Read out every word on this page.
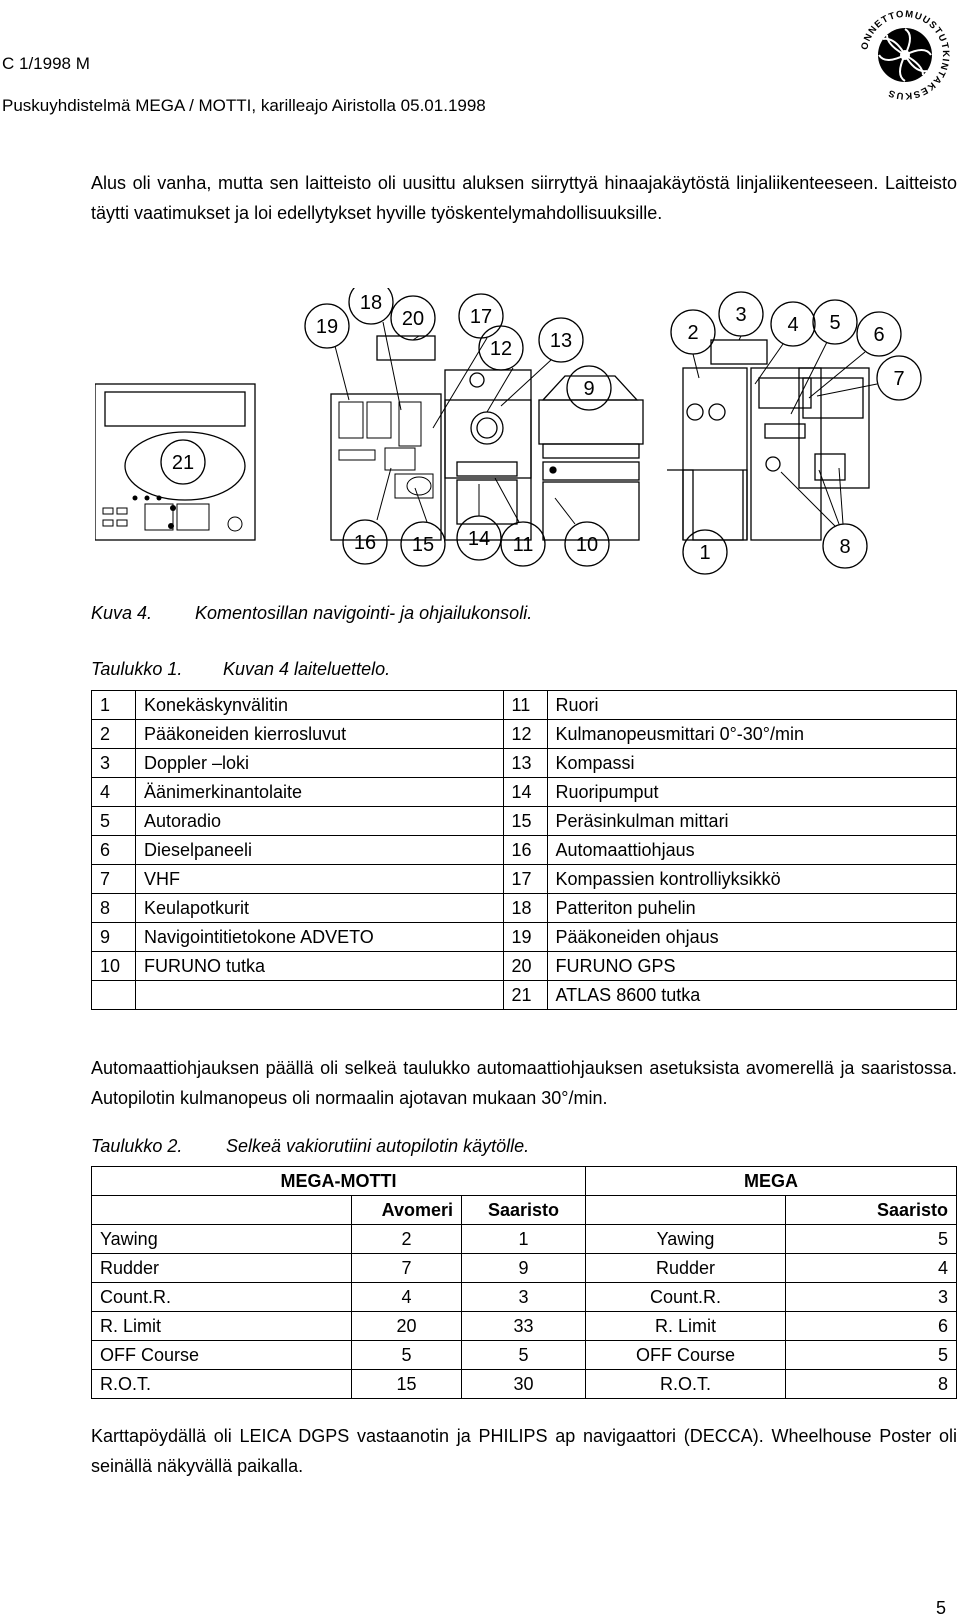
C 1/1998 M
Puskuyhdistelmä MEGA / MOTTI, karilleajo Airistolla 05.01.1998
ONNETTOMUUSTUTKINTAKESKUS
Alus oli vanha, mutta sen laitteisto oli uusittu aluksen siirryttyä hinaajakäytöstä linjaliikenteeseen. Laitteisto täytti vaatimukset ja loi edellytykset hyville työskentelymahdollisuuksille.
19
18
20 17
12 13	2
3 4 5
6
7
9
21
16 15 14 11 10	1	8
Kuva 4. Komentosillan navigointi- ja ohjailukonsoli.
Taulukko 1. Kuvan 4 laiteluettelo.
1	Konekäskynvälitin	11	Ruori
2	Pääkoneiden kierrosluvut	12	Kulmanopeusmittari 0°-30°/min
3	Doppler –loki	13	Kompassi
4	Äänimerkinantolaite	14	Ruoripumput
5	Autoradio	15	Peräsinkulman mittari
6	Dieselpaneeli	16	Automaattiohjaus
7	VHF	17	Kompassien kontrolliyksikkö
8	Keulapotkurit	18	Patteriton puhelin
9	Navigointitietokone ADVETO	19	Pääkoneiden ohjaus
10	FURUNO tutka	20	FURUNO GPS
		21	ATLAS 8600 tutka
Automaattiohjauksen päällä oli selkeä taulukko automaattiohjauksen asetuksista avomerellä ja saaristossa. Autopilotin kulmanopeus oli normaalin ajotavan mukaan 30°/min.
Taulukko 2. Selkeä vakiorutiini autopilotin käytölle.
MEGA-MOTTI			MEGA	
	Avomeri	Saaristo		Saaristo
Yawing	2	1	Yawing	5
Rudder	7	9	Rudder	4
Count.R.	4	3	Count.R.	3
R. Limit	20	33	R. Limit	6
OFF Course	5	5	OFF Course	5
R.O.T.	15	30	R.O.T.	8
Karttapöydällä oli LEICA DGPS vastaanotin ja PHILIPS ap navigaattori (DECCA). Wheelhouse Poster oli seinällä näkyvällä paikalla.
5
